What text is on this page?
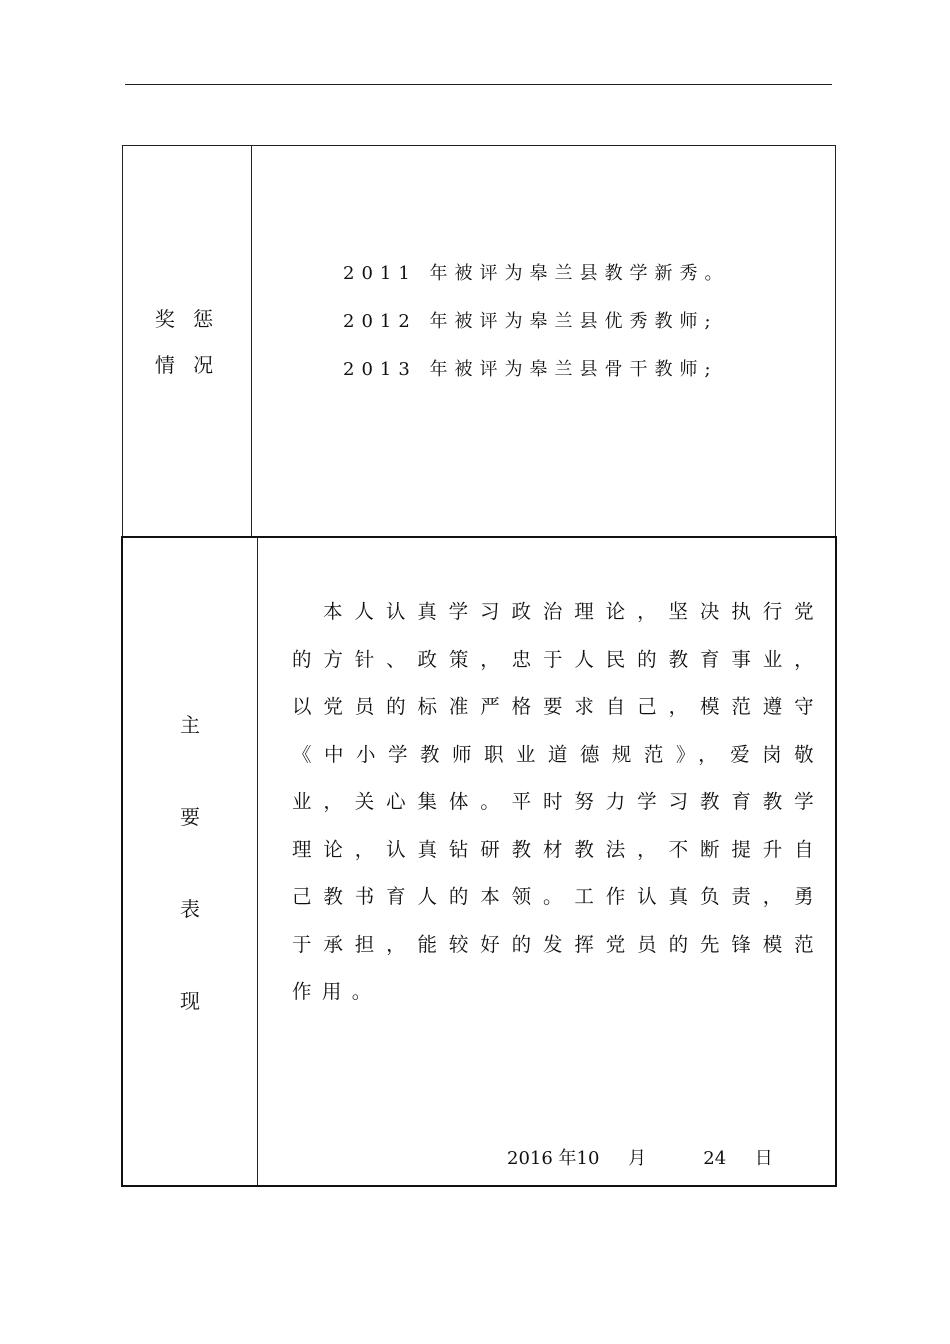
奖 惩
情 况
2011 年被评为皋兰县教学新秀。
2012 年被评为皋兰县优秀教师;
2013 年被评为皋兰县骨干教师;
主
要
表
现
本人认真学习政治理论，坚决执行党的方针、政策，忠于人民的教育事业，以党员的标准严格要求自己，模范遵守《中小学教师职业道德规范》，爱岗敬业，关心集体。平时努力学习教育教学理论，认真钻研教材教法，不断提升自己教书育人的本领。工作认真负责，勇于承担，能较好的发挥党员的先锋模范作用。
2016 年10 月	24 日
